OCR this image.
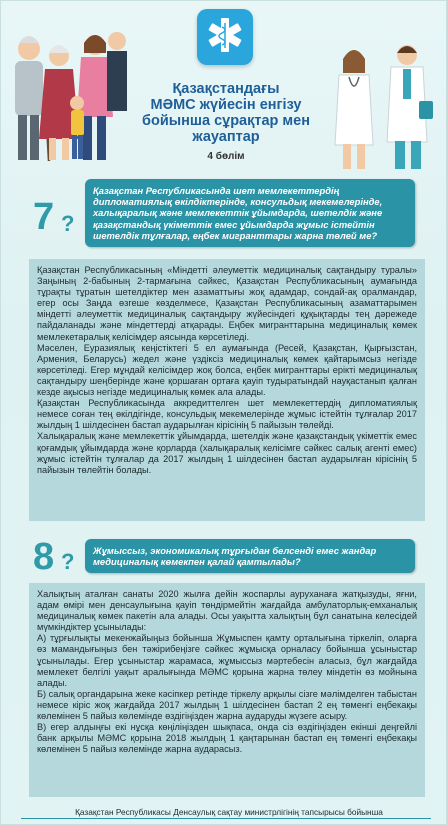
Қазақстандағы
МӘМС жүйесін енгізу
бойынша сұрақтар мен
жауаптар
4 бөлім
7 ?
Қазақстан Республикасында шет мемлекеттердің дипломатиялық өкілдіктерінде, консульдық мекемелерінде, халықаралық және мемлекеттік ұйымдарда, шетелдік және қазақстандық үкіметтік емес ұйымдарда жұмыс істейтін шетелдік тұлғалар, еңбек мигранттары жарна төлей ме?

Қазақстан Республикасының «Міндетті әлеуметтік медициналық сақтандыру туралы» Заңының 2-бабының 2-тармағына сәйкес, Қазақстан Республикасының аумағында тұрақты тұратын шетелдіктер мен азаматтығы жоқ адамдар, сондай-ақ оралмандар, егер осы Заңда өзгеше көзделмесе, Қазақстан Республикасының азаматтарымен міндетті әлеуметтік медициналық сақтандыру жүйесіндегі құқықтарды тең дәрежеде пайдаланады және міндеттерді атқарады. Еңбек мигранттарына медициналық көмек мемлекетаралық келісімдер аясында көрсетіледі.

Мәселен, Еуразиялық кеңістіктегі 5 ел аумағында (Ресей, Қазақстан, Қырғызстан, Армения, Беларусь) жедел және үздіксіз медициналық көмек қайтарымсыз негізде көрсетіледі. Егер мұндай келісімдер жоқ болса, еңбек мигранттары ерікті медициналық сақтандыру шеңберінде және қоршаған ортаға қауіп тудыратындай науқастанып қалған кезде ақысыз негізде медициналық көмек ала алады.

Қазақстан Республикасында аккредиттелген шет мемлекеттердің дипломатиялық немесе соған тең өкілдігінде, консульдық мекемелерінде жұмыс істейтін тұлғалар 2017 жылдың 1 шілдесінен бастап аударылған кірісінің 5 пайызын төлейді.

Халықаралық және мемлекеттік ұйымдарда, шетелдік және қазақстандық үкіметтік емес қоғамдық ұйымдарда және қорларда (халықаралық келісімге сәйкес салық агенті емес) жұмыс істейтін тұлғалар да 2017 жылдың 1 шілдесінен бастап аударылған кірісінің 5 пайызын төлейтін болады.

8 ?	Жұмыссыз, экономикалық тұрғыдан белсенді емес жандар медициналық көмекпен қалай қамтылады?

Халықтың аталған санаты 2020 жылға дейін жоспарлы ауруханаға жатқызуды, яғни, адам өмірі мен денсаулығына қауіп төндірмейтін жағдайда амбулаторлық-емханалық медициналық көмек пакетін ала алады. Осы уақытта халықтың бұл санатына келесідей мүмкіндіктер ұсынылады:

А) тұрғылықты мекенжайыңыз бойынша Жұмыспен қамту орталығына тіркеліп, оларға өз мамандығыңыз бен тәжірибеңізге сәйкес жұмысқа орналасу бойынша ұсыныстар ұсынылады. Егер ұсыныстар жарамаса, жұмыссыз мәртебесін аласыз, бұл жағдайда мемлекет белгілі уақыт аралығында МӘМС қорына жарна төлеу міндетін өз мойнына алады.

Б) салық органдарына жеке кәсіпкер ретінде тіркелу арқылы сізге мәлімделген табыстан немесе кіріс жоқ жағдайда 2017 жылдың 1 шілдесінен бастап 2 ең төменгі еңбекақы көлемінен 5 пайыз көлемінде өздігіңізден жарна аударуды жүзеге асыру.

В) егер алдыңғы екі нұсқа көңіліңізден шықпаса, онда сіз өздігіңізден екінші деңгейлі банк арқылы МӘМС қорына 2018 жылдың 1 қаңтарынан бастап ең төменгі еңбекақы көлемінен 5 пайыз көлемінде жарна аударасыз.

Қазақстан Республикасы Денсаулық сақтау министрлігінің тапсырысы бойынша
